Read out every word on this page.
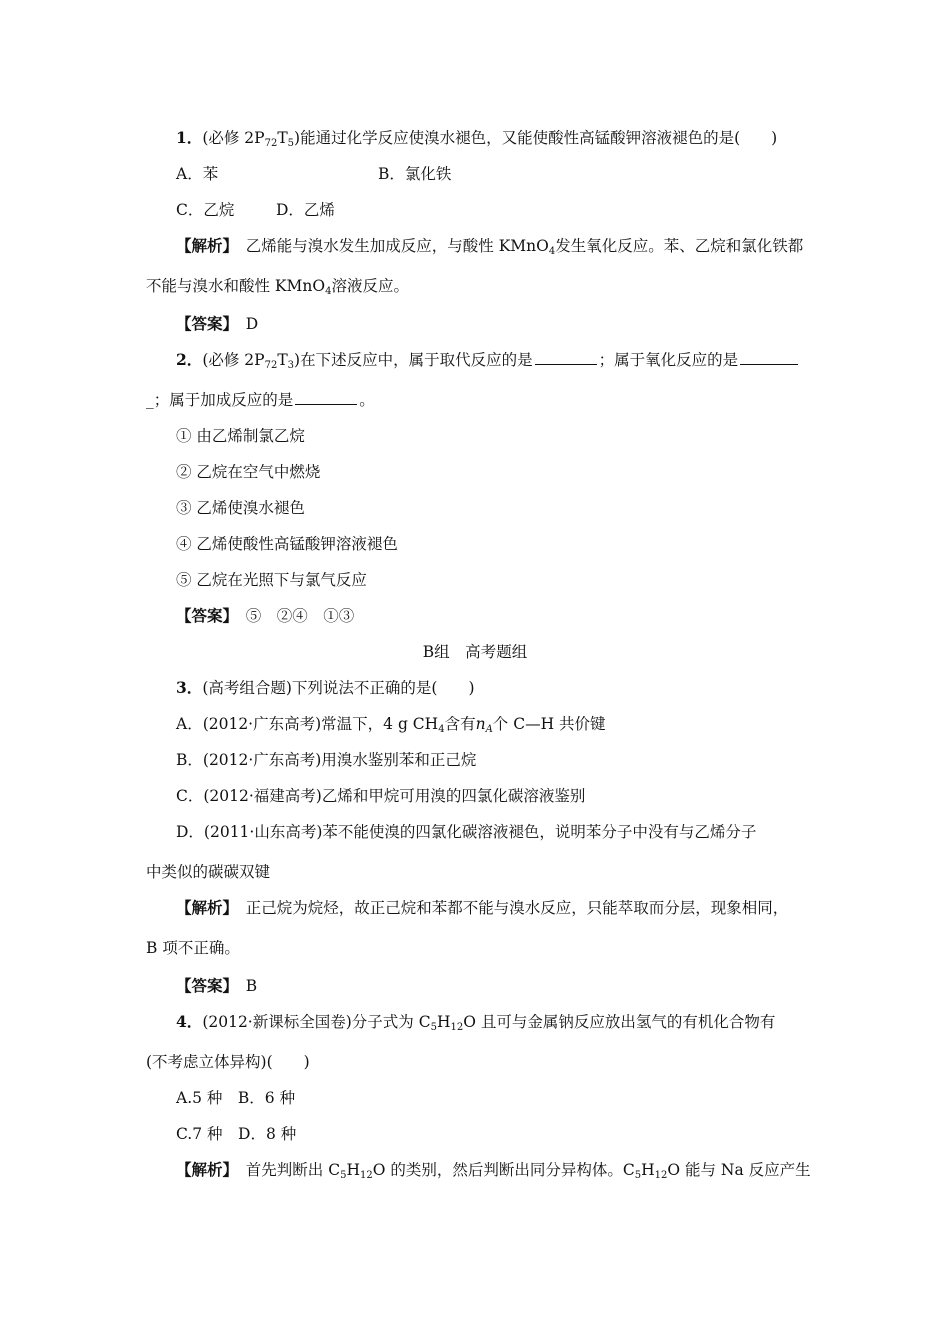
1．(必修 $2P_{72}T_5$)能通过化学反应使溴水褪色，又能使酸性高锰酸钾溶液褪色的是(　　)
A．苯	B．氯化铁
C．乙烷	D．乙烯
【解析】　 乙烯能与溴水发生加成反应，与酸性 KMnO$_4$发生氧化反应。苯、乙烷和氯化铁都
不能与溴水和酸性 KMnO$_4$溶液反应。
【答案】　 D
2．(必修 $2P_{72}T_3$)在下述反应中，属于取代反应的是	；属于氧化反应的是
_；属于加成反应的是	。
① 由乙烯制氯乙烷
② 乙烷在空气中燃烧
③ 乙烯使溴水褪色
④ 乙烯使酸性高锰酸钾溶液褪色
⑤ 乙烷在光照下与氯气反应
【答案】　 ⑤　②④　①③
B组　高考题组
3．(高考组合题)下列说法不正确的是(　　)
A．(2012·广东高考)常温下，4 g $CH_4$含有$n_A$个 C—H 共价键
B．(2012·广东高考)用溴水鉴别苯和正己烷
C．(2012·福建高考)乙烯和甲烷可用溴的四氯化碳溶液鉴别
D．(2011·山东高考)苯不能使溴的四氯化碳溶液褪色，说明苯分子中没有与乙烯分子
中类似的碳碳双键
【解析】　 正己烷为烷烃，故正己烷和苯都不能与溴水反应，只能萃取而分层，现象相同，
B 项不正确。
【答案】　 B
4．(2012·新课标全国卷)分子式为 $C_5H_{12}O$ 且可与金属钠反应放出氢气的有机化合物有
(不考虑立体异构)(　　)
A.5 种　B．6 种
C.7 种　D．8 种
【解析】　 首先判断出 $C_5H_{12}O$ 的类别，然后判断出同分异构体。$C_5H_{12}O$ 能与 Na 反应产生
